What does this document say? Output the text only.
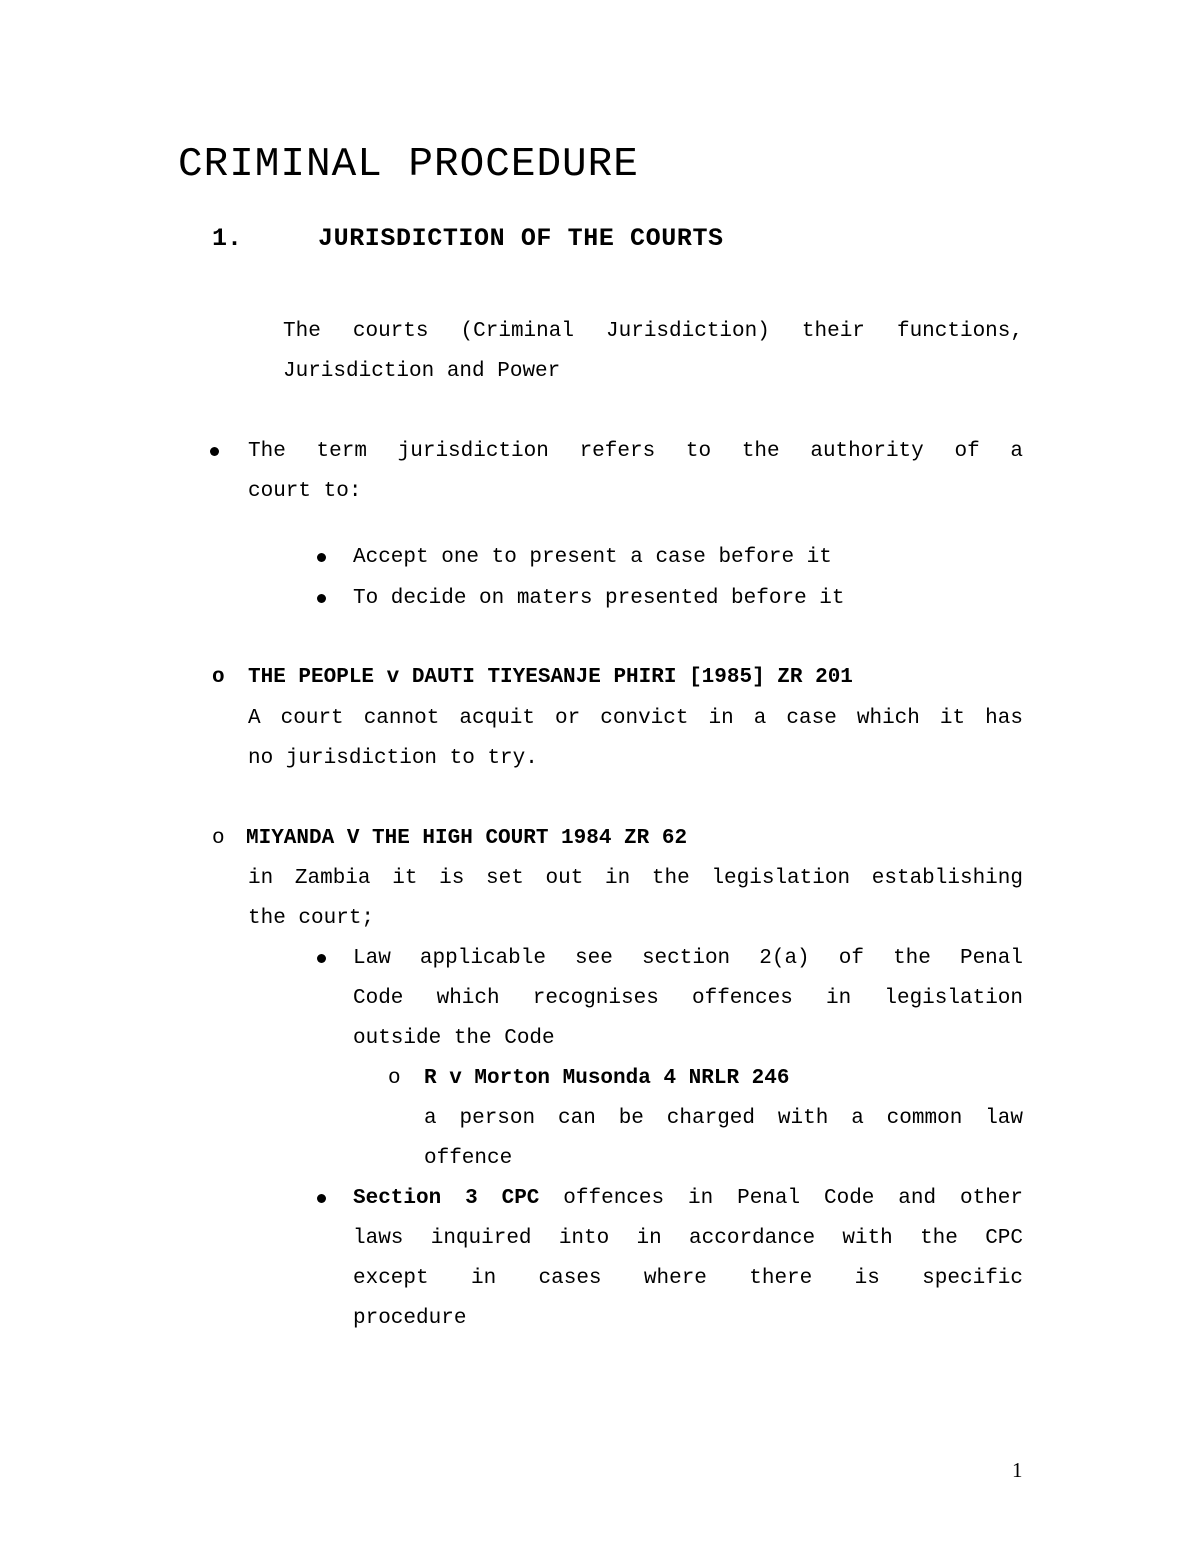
CRIMINAL PROCEDURE
1.	JURISDICTION OF THE COURTS
The courts (Criminal Jurisdiction) their functions,
Jurisdiction and Power
The term jurisdiction refers to the authority of a
court to:
Accept one to present a case before it
To decide on maters presented before it
o THE PEOPLE v DAUTI TIYESANJE PHIRI [1985] ZR 201
A court cannot acquit or convict in a case which it has
no jurisdiction to try.
o MIYANDA V THE HIGH COURT 1984 ZR 62
in Zambia it is set out in the legislation establishing
the court;
Law applicable see section 2(a) of the Penal
Code which recognises offences in legislation
outside the Code
o R v Morton Musonda 4 NRLR 246
a person can be charged with a common law
offence
Section 3 CPC offences in Penal Code and other
laws inquired into in accordance with the CPC
except in cases where there is specific
procedure
1
